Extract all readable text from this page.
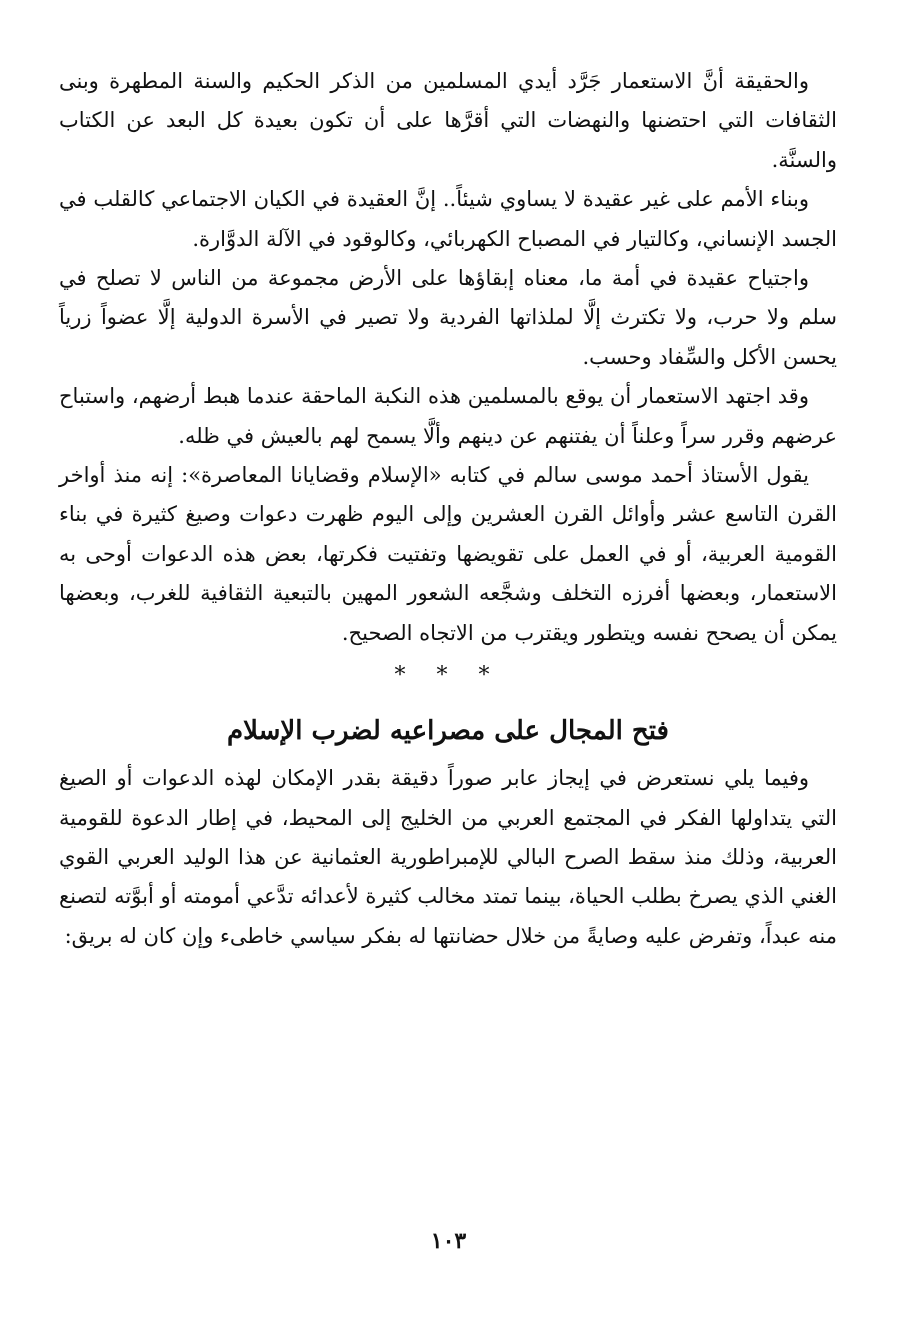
والحقيقة أنَّ الاستعمار جَرَّد أيدي المسلمين من الذكر الحكيم والسنة المطهرة وبنى الثقافات التي احتضنها والنهضات التي أقرَّها على أن تكون بعيدة كل البعد عن الكتاب والسنَّة.

وبناء الأمم على غير عقيدة لا يساوي شيئاً.. إنَّ العقيدة في الكيان الاجتماعي كالقلب في الجسد الإنساني، وكالتيار في المصباح الكهربائي، وكالوقود في الآلة الدوَّارة.

واجتياح عقيدة في أمة ما، معناه إبقاؤها على الأرض مجموعة من الناس لا تصلح في سلم ولا حرب، ولا تكترث إلَّا لملذاتها الفردية ولا تصير في الأسرة الدولية إلَّا عضواً زرياً يحسن الأكل والسِّفاد وحسب.

وقد اجتهد الاستعمار أن يوقع بالمسلمين هذه النكبة الماحقة عندما هبط أرضهم، واستباح عرضهم وقرر سراً وعلناً أن يفتنهم عن دينهم وألَّا يسمح لهم بالعيش في ظله.

يقول الأستاذ أحمد موسى سالم في كتابه «الإسلام وقضايانا المعاصرة»: إنه منذ أواخر القرن التاسع عشر وأوائل القرن العشرين وإلى اليوم ظهرت دعوات وصيغ كثيرة في بناء القومية العربية، أو في العمل على تقويضها وتفتيت فكرتها، بعض هذه الدعوات أوحى به الاستعمار، وبعضها أفرزه التخلف وشجَّعه الشعور المهين بالتبعية الثقافية للغرب، وبعضها يمكن أن يصحح نفسه ويتطور ويقترب من الاتجاه الصحيح.

* * *
فتح المجال على مصراعيه لضرب الإسلام

وفيما يلي نستعرض في إيجاز عابر صوراً دقيقة بقدر الإمكان لهذه الدعوات أو الصيغ التي يتداولها الفكر في المجتمع العربي من الخليج إلى المحيط، في إطار الدعوة للقومية العربية، وذلك منذ سقط الصرح البالي للإمبراطورية العثمانية عن هذا الوليد العربي القوي الغني الذي يصرخ بطلب الحياة، بينما تمتد مخالب كثيرة لأعدائه تدَّعي أمومته أو أبوَّته لتصنع منه عبداً، وتفرض عليه وصايةً من خلال حضانتها له بفكر سياسي خاطىء وإن كان له بريق:

١٠٣
